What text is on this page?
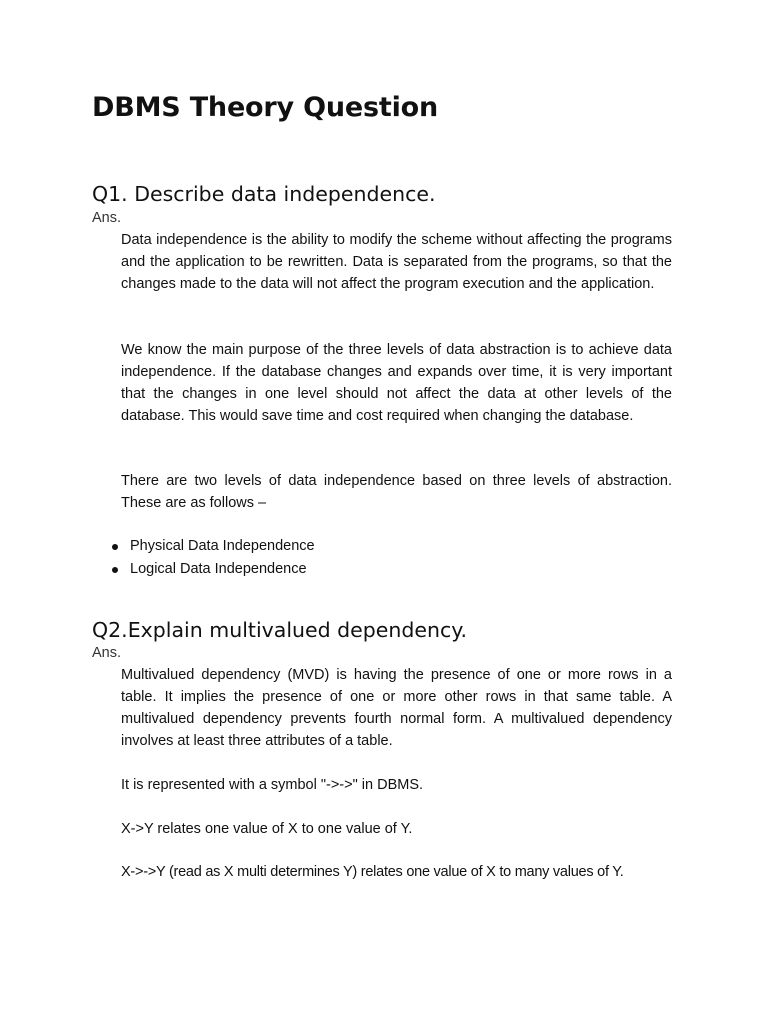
DBMS Theory Question
Q1. Describe data independence.
Ans.

Data independence is the ability to modify the scheme without affecting the programs and the application to be rewritten. Data is separated from the programs, so that the changes made to the data will not affect the program execution and the application.

We know the main purpose of the three levels of data abstraction is to achieve data independence. If the database changes and expands over time, it is very important that the changes in one level should not affect the data at other levels of the database. This would save time and cost required when changing the database.

There are two levels of data independence based on three levels of abstraction. These are as follows –

Physical Data Independence
Logical Data Independence
Q2.Explain multivalued dependency.
Ans.

Multivalued dependency (MVD) is having the presence of one or more rows in a table. It implies the presence of one or more other rows in that same table. A multivalued dependency prevents fourth normal form. A multivalued dependency involves at least three attributes of a table.

It is represented with a symbol "->->" in DBMS.

X->Y relates one value of X to one value of Y.

X->->Y (read as X multi determines Y) relates one value of X to many values of Y.
